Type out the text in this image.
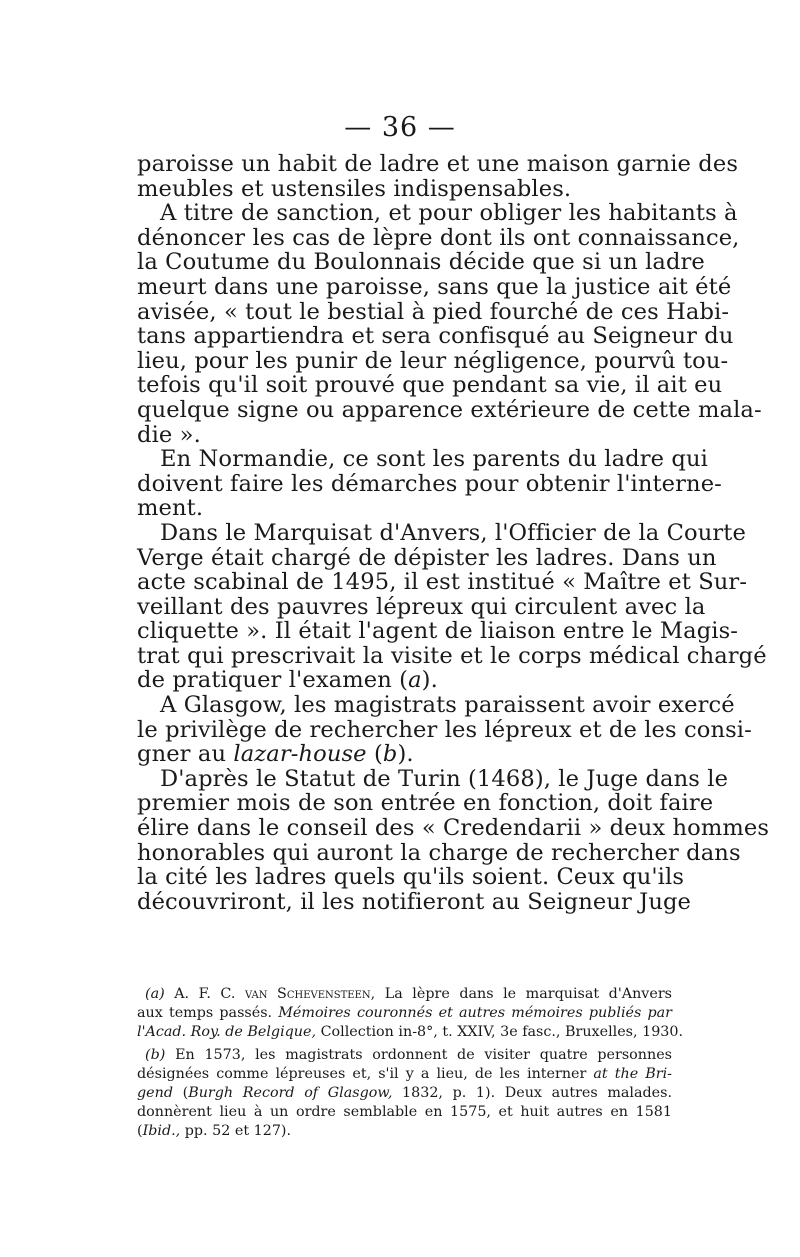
— 36 —
paroisse un habit de ladre et une maison garnie des
meubles et ustensiles indispensables.
A titre de sanction, et pour obliger les habitants à
dénoncer les cas de lèpre dont ils ont connaissance,
la Coutume du Boulonnais décide que si un ladre
meurt dans une paroisse, sans que la justice ait été
avisée, « tout le bestial à pied fourché de ces Habi-
tans appartiendra et sera confisqué au Seigneur du
lieu, pour les punir de leur négligence, pourvû tou-
tefois qu'il soit prouvé que pendant sa vie, il ait eu
quelque signe ou apparence extérieure de cette mala-
die ».
En Normandie, ce sont les parents du ladre qui
doivent faire les démarches pour obtenir l'interne-
ment.
Dans le Marquisat d'Anvers, l'Officier de la Courte
Verge était chargé de dépister les ladres. Dans un
acte scabinal de 1495, il est institué « Maître et Sur-
veillant des pauvres lépreux qui circulent avec la
cliquette ». Il était l'agent de liaison entre le Magis-
trat qui prescrivait la visite et le corps médical chargé
de pratiquer l'examen (a).
A Glasgow, les magistrats paraissent avoir exercé
le privilège de rechercher les lépreux et de les consi-
gner au lazar-house (b).
D'après le Statut de Turin (1468), le Juge dans le
premier mois de son entrée en fonction, doit faire
élire dans le conseil des « Credendarii » deux hommes
honorables qui auront la charge de rechercher dans
la cité les ladres quels qu'ils soient. Ceux qu'ils
découvriront, il les notifieront au Seigneur Juge
(a) A. F. C. van Schevensteen, La lèpre dans le marquisat d'Anvers
aux temps passés. Mémoires couronnés et autres mémoires publiés par
l'Acad. Roy. de Belgique, Collection in-8°, t. XXIV, 3e fasc., Bruxelles, 1930.
(b) En 1573, les magistrats ordonnent de visiter quatre personnes
désignées comme lépreuses et, s'il y a lieu, de les interner at the Bri-
gend (Burgh Record of Glasgow, 1832, p. 1). Deux autres malades.
donnèrent lieu à un ordre semblable en 1575, et huit autres en 1581
(Ibid., pp. 52 et 127).
